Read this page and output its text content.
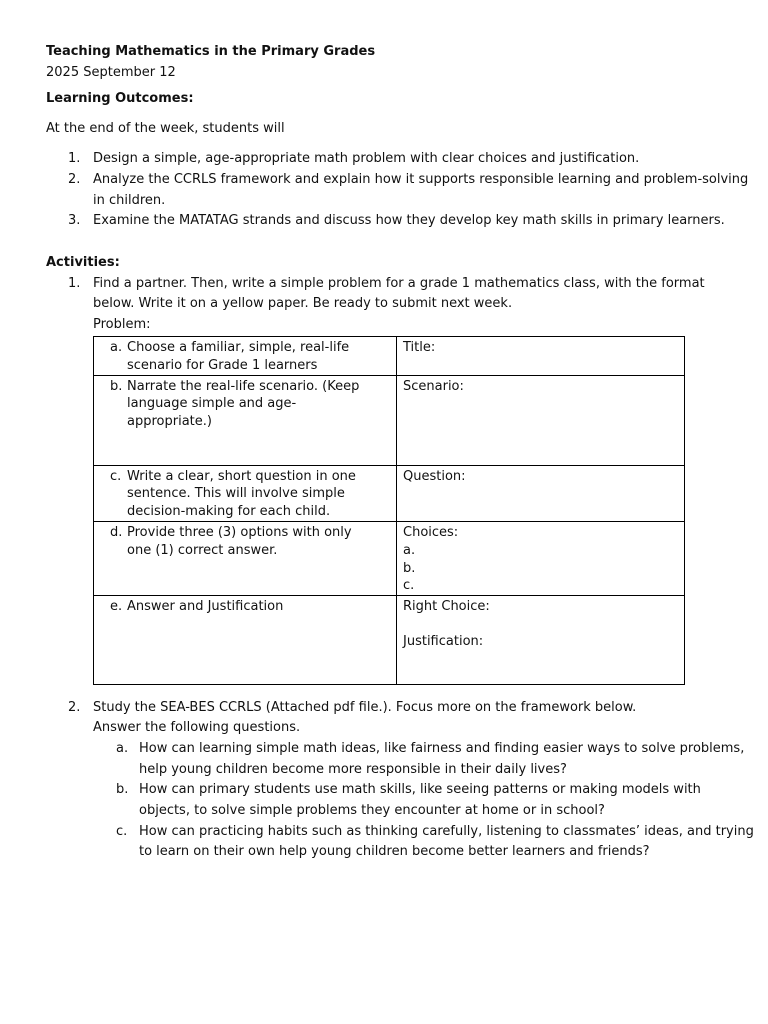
Teaching Mathematics in the Primary Grades
2025 September 12
Learning Outcomes:
At the end of the week, students will
1. Design a simple, age-appropriate math problem with clear choices and justification.
2. Analyze the CCRLS framework and explain how it supports responsible learning and problem-solving
in children.
3. Examine the MATATAG strands and discuss how they develop key math skills in primary learners.
Activities:
1. Find a partner. Then, write a simple problem for a grade 1 mathematics class, with the format
below. Write it on a yellow paper. Be ready to submit next week.
Problem:
a. Choose a familiar, simple, real-life scenario for Grade 1 learners	Title:

b. Narrate the real-life scenario. (Keep language simple and age-appropriate.)	Scenario:

c. Write a clear, short question in one sentence. This will involve simple decision-making for each child.	Question:

d. Provide three (3) options with only one (1) correct answer.	Choices:
a.
b.
c.

e. Answer and Justification	Right Choice:
Justification:
2. Study the SEA-BES CCRLS (Attached pdf file.). Focus more on the framework below.
Answer the following questions.
a. How can learning simple math ideas, like fairness and finding easier ways to solve problems,
help young children become more responsible in their daily lives?
b. How can primary students use math skills, like seeing patterns or making models with
objects, to solve simple problems they encounter at home or in school?
c. How can practicing habits such as thinking carefully, listening to classmates’ ideas, and trying
to learn on their own help young children become better learners and friends?
